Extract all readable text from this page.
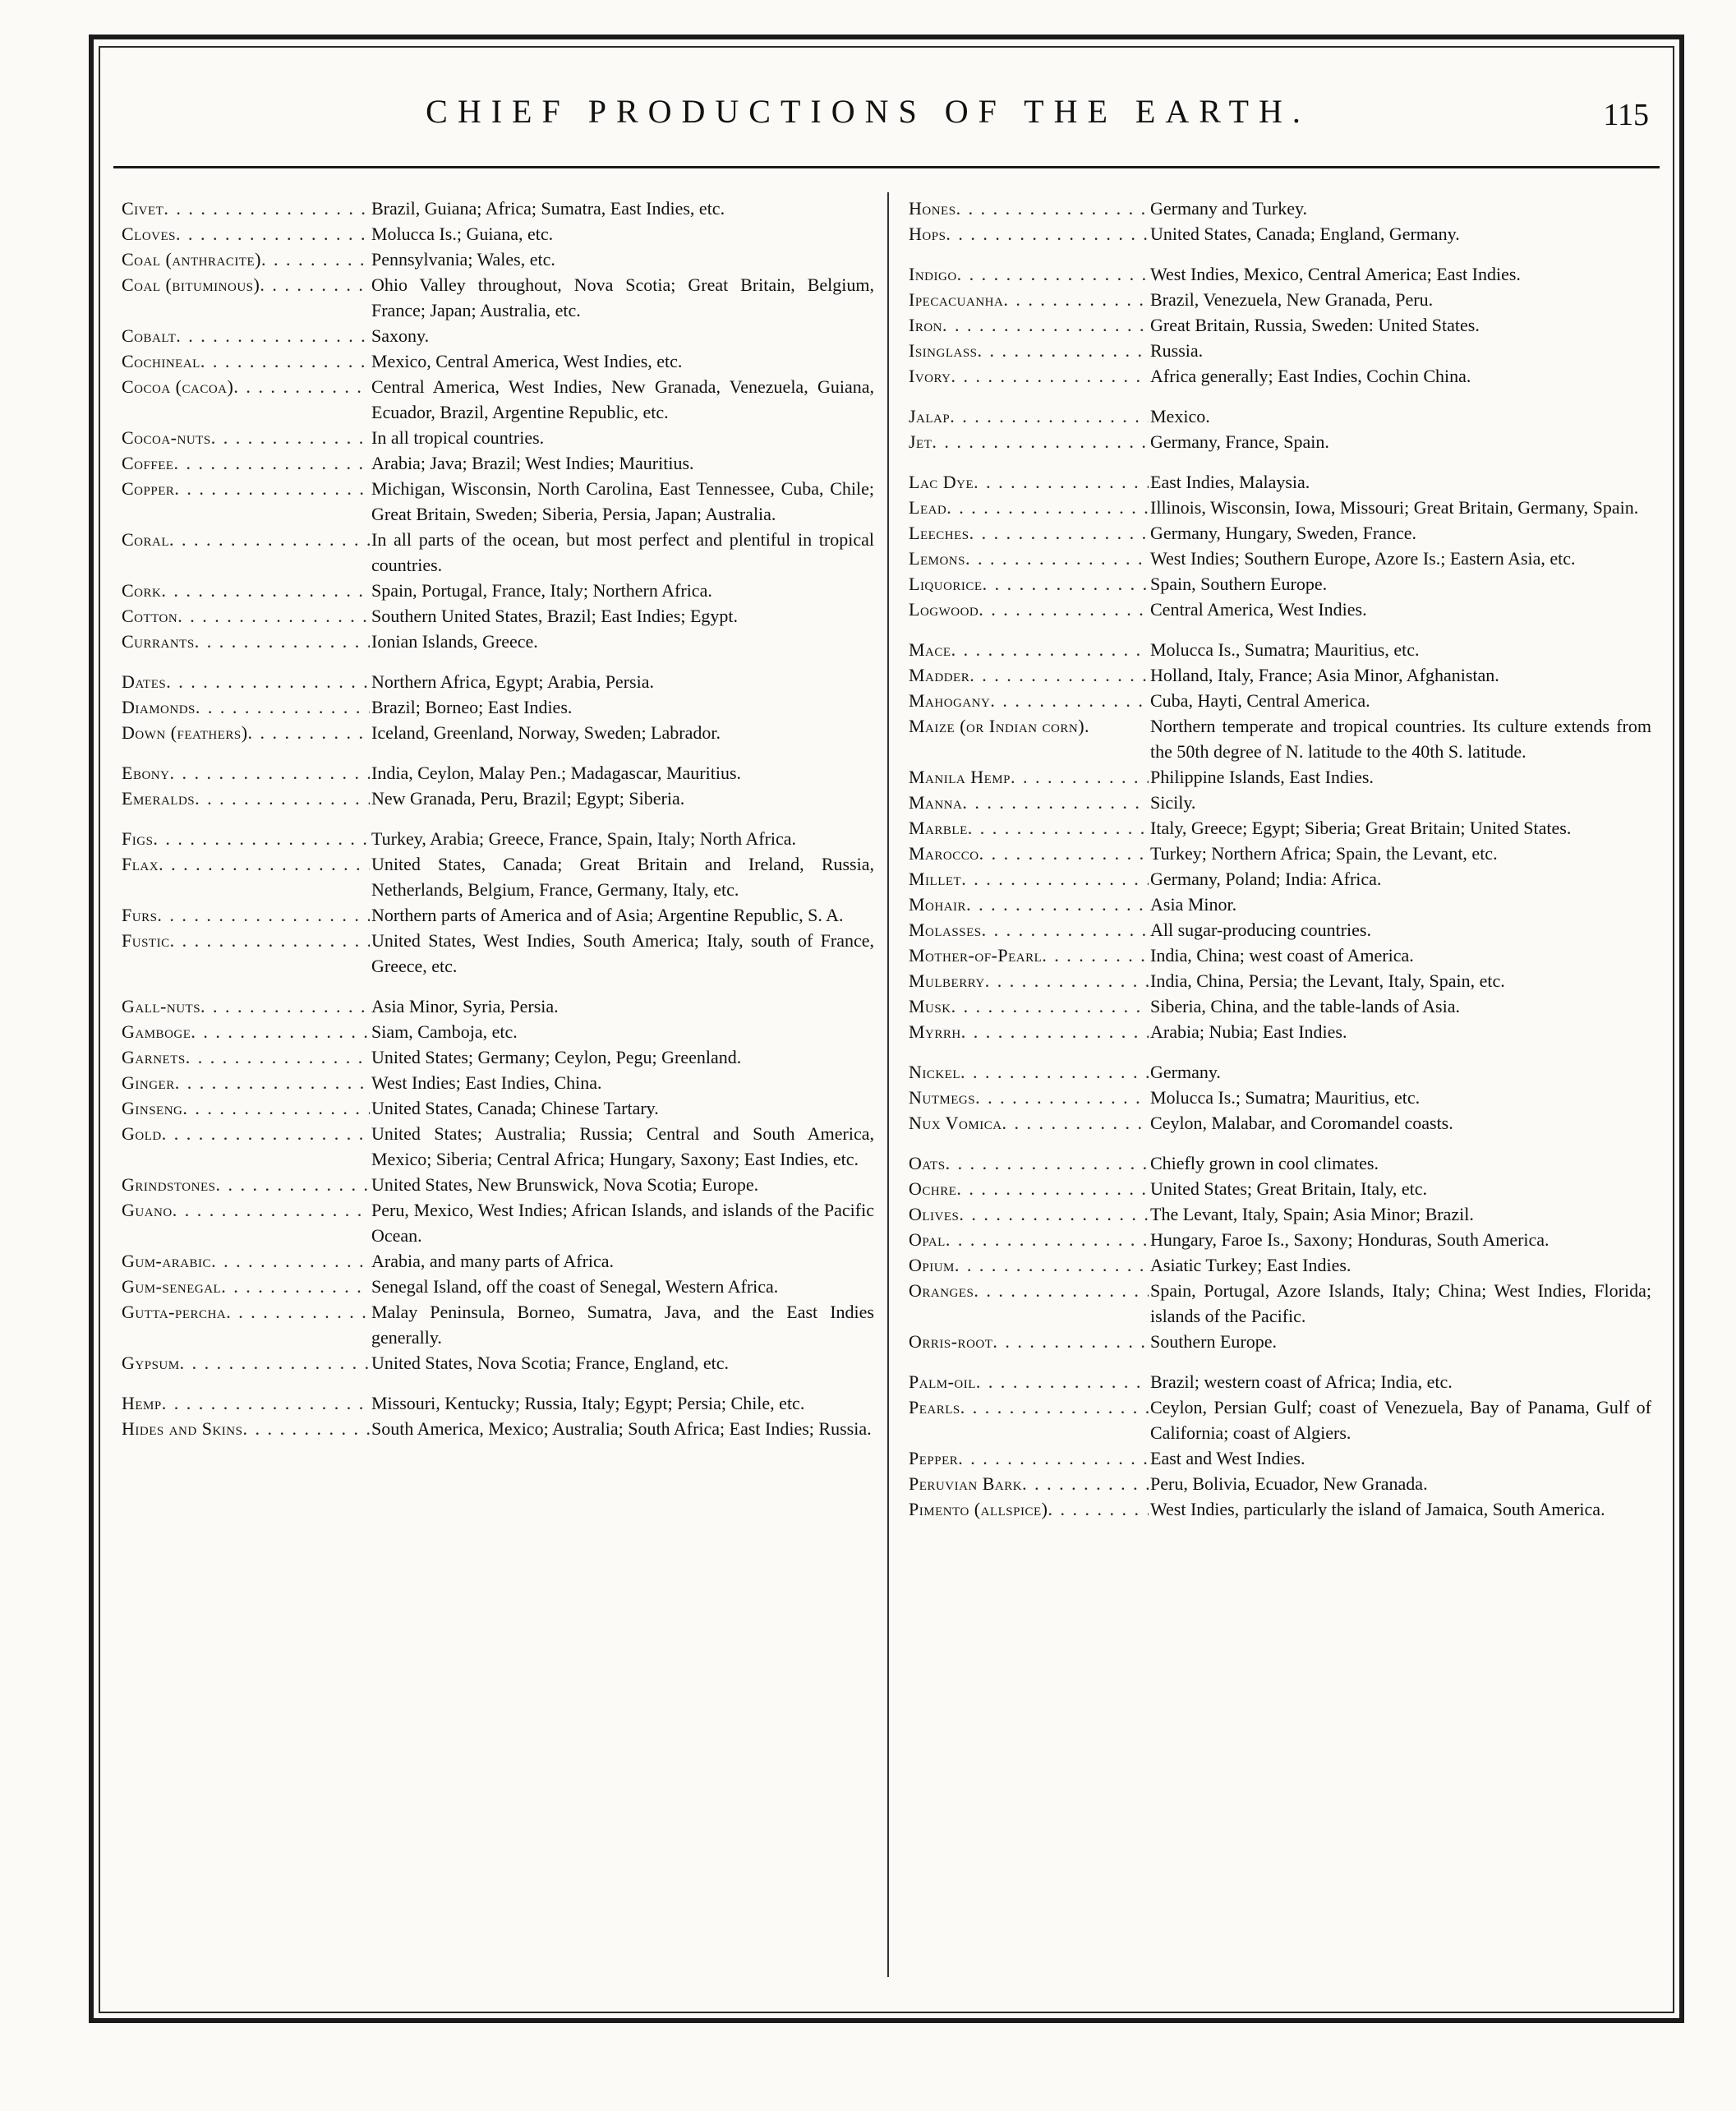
CHIEF PRODUCTIONS OF THE EARTH.	115
Civet . . .	Brazil, Guiana; Africa; Sumatra, East Indies, etc.
Cloves . . .	Molucca Is.; Guiana, etc.
Coal (anthracite) . . .	Pennsylvania; Wales, etc.
Coal (bituminous) . . .	Ohio Valley throughout, Nova Scotia; Great Britain, Belgium, France; Japan; Australia, etc.
Cobalt . . .	Saxony.
Cochineal . . .	Mexico, Central America, West Indies, etc.
Cocoa (cacoa) . . .	Central America, West Indies, New Granada, Venezuela, Guiana, Ecuador, Brazil, Argentine Republic, etc.
Cocoa-nuts . . .	In all tropical countries.
Coffee . . .	Arabia; Java; Brazil; West Indies; Mauritius.
Copper . . .	Michigan, Wisconsin, North Carolina, East Tennessee, Cuba, Chile; Great Britain, Sweden; Siberia, Persia, Japan; Australia.
Coral . . .	In all parts of the ocean, but most perfect and plentiful in tropical countries.
Cork . . .	Spain, Portugal, France, Italy; Northern Africa.
Cotton . . .	Southern United States, Brazil; East Indies; Egypt.
Currants . . .	Ionian Islands, Greece.
Dates . . .	Northern Africa, Egypt; Arabia, Persia.
Diamonds . . .	Brazil; Borneo; East Indies.
Down (feathers) . . .	Iceland, Greenland, Norway, Sweden; Labrador.
Ebony . . .	India, Ceylon, Malay Pen.; Madagascar, Mauritius.
Emeralds . . .	New Granada, Peru, Brazil; Egypt; Siberia.
Figs . . .	Turkey, Arabia; Greece, France, Spain, Italy; North Africa.
Flax . . .	United States, Canada; Great Britain and Ireland, Russia, Netherlands, Belgium, France, Germany, Italy, etc.
Furs . . .	Northern parts of America and of Asia; Argentine Republic, S. A.
Fustic . . .	United States, West Indies, South America; Italy, south of France, Greece, etc.
Gall-nuts . . .	Asia Minor, Syria, Persia.
Gamboge . . .	Siam, Camboja, etc.
Garnets . . .	United States; Germany; Ceylon, Pegu; Greenland.
Ginger . . .	West Indies; East Indies, China.
Ginseng . . .	United States, Canada; Chinese Tartary.
Gold . . .	United States; Australia; Russia; Central and South America, Mexico; Siberia; Central Africa; Hungary, Saxony; East Indies, etc.
Grindstones . . .	United States, New Brunswick, Nova Scotia; Europe.
Guano . . .	Peru, Mexico, West Indies; African Islands, and islands of the Pacific Ocean.
Gum-arabic . . .	Arabia, and many parts of Africa.
Gum-senegal . . .	Senegal Island, off the coast of Senegal, Western Africa.
Gutta-percha . . .	Malay Peninsula, Borneo, Sumatra, Java, and the East Indies generally.
Gypsum . . .	United States, Nova Scotia; France, England, etc.
Hemp . . .	Missouri, Kentucky; Russia, Italy; Egypt; Persia; Chile, etc.
Hides and Skins . . .	South America, Mexico; Australia; South Africa; East Indies; Russia.
Hones . . .	Germany and Turkey.
Hops . . .	United States, Canada; England, Germany.
Indigo . . .	West Indies, Mexico, Central America; East Indies.
Ipecacuanha . . .	Brazil, Venezuela, New Granada, Peru.
Iron . . .	Great Britain, Russia, Sweden: United States.
Isinglass . . .	Russia.
Ivory . . .	Africa generally; East Indies, Cochin China.
Jalap . . .	Mexico.
Jet . . .	Germany, France, Spain.
Lac Dye . . .	East Indies, Malaysia.
Lead . . .	Illinois, Wisconsin, Iowa, Missouri; Great Britain, Germany, Spain.
Leeches . . .	Germany, Hungary, Sweden, France.
Lemons . . .	West Indies; Southern Europe, Azore Is.; Eastern Asia, etc.
Liquorice . . .	Spain, Southern Europe.
Logwood . . .	Central America, West Indies.
Mace . . .	Molucca Is., Sumatra; Mauritius, etc.
Madder . . .	Holland, Italy, France; Asia Minor, Afghanistan.
Mahogany . . .	Cuba, Hayti, Central America.
Maize (or Indian corn).	Northern temperate and tropical countries. Its culture extends from the 50th degree of N. latitude to the 40th S. latitude.
Manila Hemp . . .	Philippine Islands, East Indies.
Manna . . .	Sicily.
Marble . . .	Italy, Greece; Egypt; Siberia; Great Britain; United States.
Marocco . . .	Turkey; Northern Africa; Spain, the Levant, etc.
Millet . . .	Germany, Poland; India: Africa.
Mohair . . .	Asia Minor.
Molasses . . .	All sugar-producing countries.
Mother-of-Pearl . . .	India, China; west coast of America.
Mulberry . . .	India, China, Persia; the Levant, Italy, Spain, etc.
Musk . . .	Siberia, China, and the table-lands of Asia.
Myrrh . . .	Arabia; Nubia; East Indies.
Nickel . . .	Germany.
Nutmegs . . .	Molucca Is.; Sumatra; Mauritius, etc.
Nux Vomica . . .	Ceylon, Malabar, and Coromandel coasts.
Oats . . .	Chiefly grown in cool climates.
Ochre . . .	United States; Great Britain, Italy, etc.
Olives . . .	The Levant, Italy, Spain; Asia Minor; Brazil.
Opal . . .	Hungary, Faroe Is., Saxony; Honduras, South America.
Opium . . .	Asiatic Turkey; East Indies.
Oranges . . .	Spain, Portugal, Azore Islands, Italy; China; West Indies, Florida; islands of the Pacific.
Orris-root . . .	Southern Europe.
Palm-oil . . .	Brazil; western coast of Africa; India, etc.
Pearls . . .	Ceylon, Persian Gulf; coast of Venezuela, Bay of Panama, Gulf of California; coast of Algiers.
Pepper . . .	East and West Indies.
Peruvian Bark . . .	Peru, Bolivia, Ecuador, New Granada.
Pimento (allspice) . . .	West Indies, particularly the island of Jamaica, South America.
